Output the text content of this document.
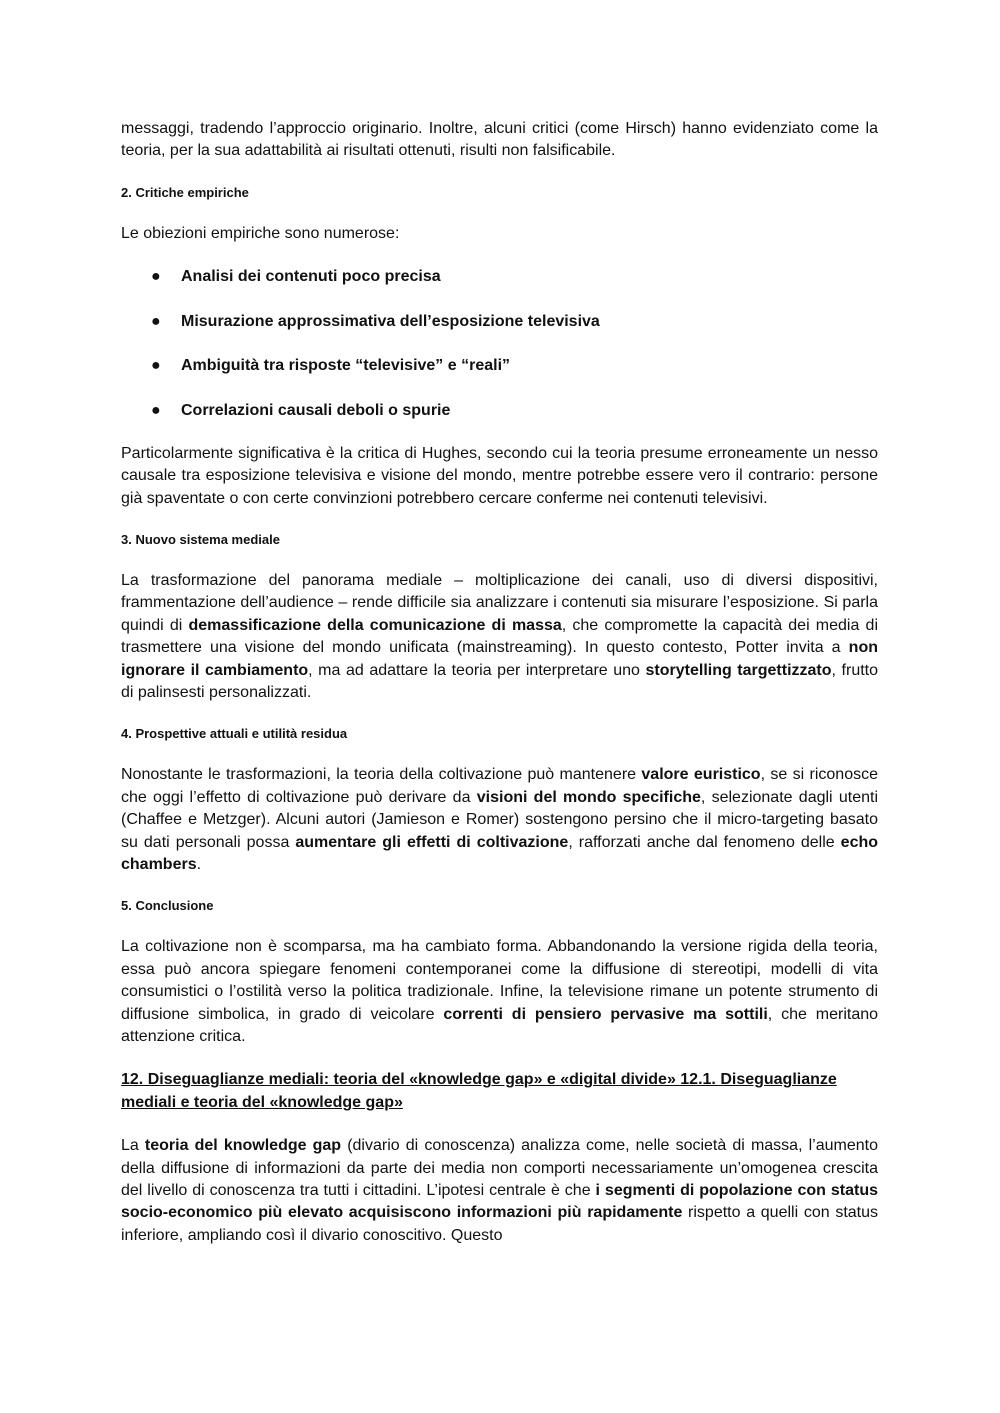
messaggi, tradendo l’approccio originario. Inoltre, alcuni critici (come Hirsch) hanno evidenziato come la teoria, per la sua adattabilità ai risultati ottenuti, risulti non falsificabile.

2. Critiche empiriche

Le obiezioni empiriche sono numerose:

● Analisi dei contenuti poco precisa
● Misurazione approssimativa dell’esposizione televisiva
● Ambiguità tra risposte “televisive” e “reali”
● Correlazioni causali deboli o spurie

Particolarmente significativa è la critica di Hughes, secondo cui la teoria presume erroneamente un nesso causale tra esposizione televisiva e visione del mondo, mentre potrebbe essere vero il contrario: persone già spaventate o con certe convinzioni potrebbero cercare conferme nei contenuti televisivi.

3. Nuovo sistema mediale

La trasformazione del panorama mediale – moltiplicazione dei canali, uso di diversi dispositivi, frammentazione dell’audience – rende difficile sia analizzare i contenuti sia misurare l’esposizione. Si parla quindi di demassificazione della comunicazione di massa, che compromette la capacità dei media di trasmettere una visione del mondo unificata (mainstreaming). In questo contesto, Potter invita a non ignorare il cambiamento, ma ad adattare la teoria per interpretare uno storytelling targettizzato, frutto di palinsesti personalizzati.

4. Prospettive attuali e utilità residua

Nonostante le trasformazioni, la teoria della coltivazione può mantenere valore euristico, se si riconosce che oggi l’effetto di coltivazione può derivare da visioni del mondo specifiche, selezionate dagli utenti (Chaffee e Metzger). Alcuni autori (Jamieson e Romer) sostengono persino che il micro-targeting basato su dati personali possa aumentare gli effetti di coltivazione, rafforzati anche dal fenomeno delle echo chambers.

5. Conclusione

La coltivazione non è scomparsa, ma ha cambiato forma. Abbandonando la versione rigida della teoria, essa può ancora spiegare fenomeni contemporanei come la diffusione di stereotipi, modelli di vita consumistici o l’ostilità verso la politica tradizionale. Infine, la televisione rimane un potente strumento di diffusione simbolica, in grado di veicolare correnti di pensiero pervasive ma sottili, che meritano attenzione critica.

12. Diseguaglianze mediali: teoria del «knowledge gap» e «digital divide» 12.1. Diseguaglianze mediali e teoria del «knowledge gap»

La teoria del knowledge gap (divario di conoscenza) analizza come, nelle società di massa, l’aumento della diffusione di informazioni da parte dei media non comporti necessariamente un’omogenea crescita del livello di conoscenza tra tutti i cittadini. L’ipotesi centrale è che i segmenti di popolazione con status socio-economico più elevato acquisiscono informazioni più rapidamente rispetto a quelli con status inferiore, ampliando così il divario conoscitivo. Questo
